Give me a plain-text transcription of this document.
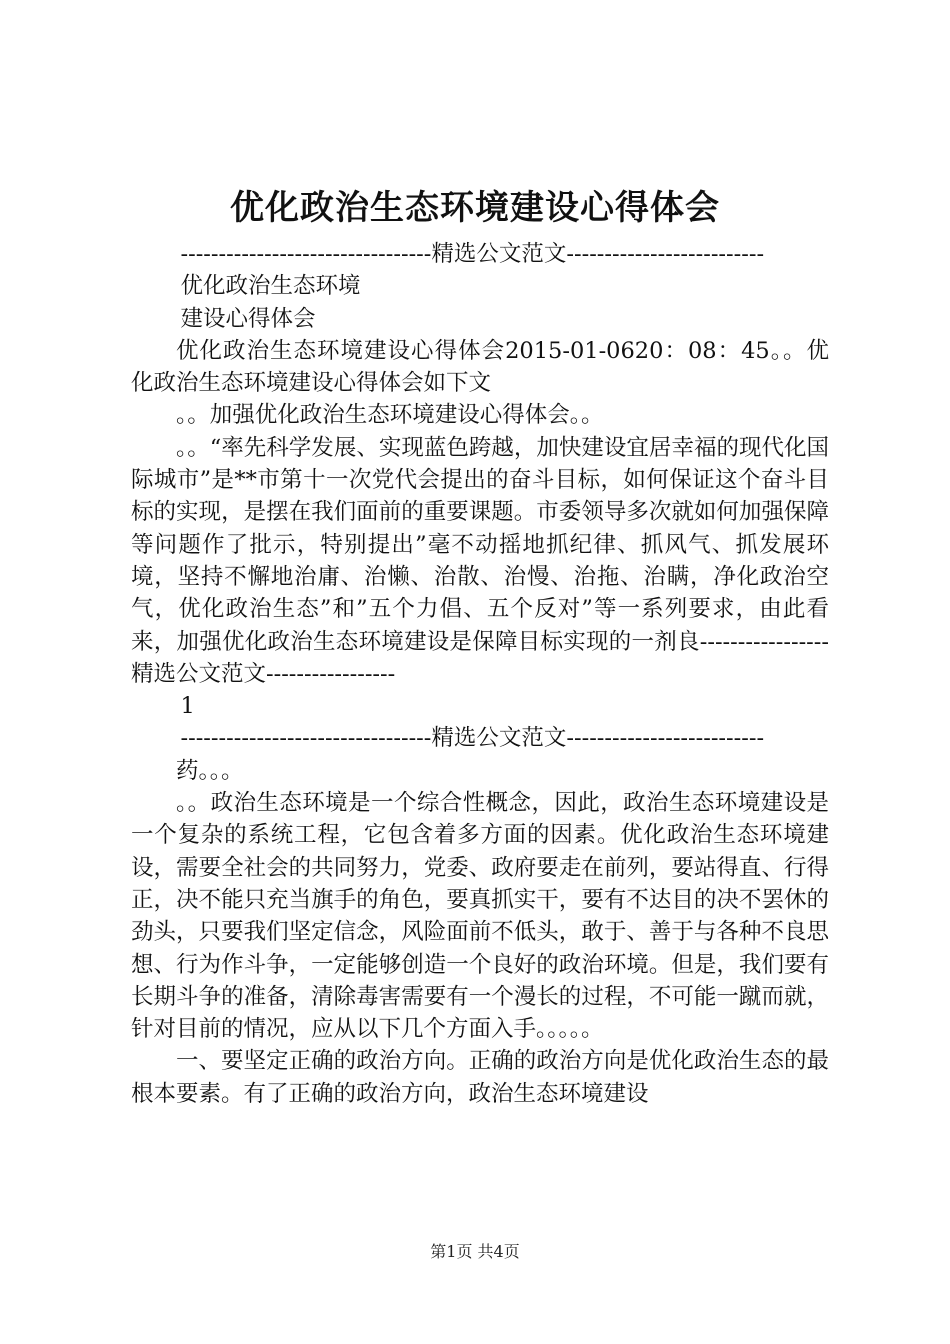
优化政治生态环境建设心得体会

---------------------------------精选公文范文--------------------------

优化政治生态环境

建设心得体会

优化政治生态环境建设心得体会2015-01-0620：08：45。。优化政治生态环境建设心得体会如下文

。。加强优化政治生态环境建设心得体会。。

。。“率先科学发展、实现蓝色跨越，加快建设宜居幸福的现代化国际城市”是**市第十一次党代会提出的奋斗目标，如何保证这个奋斗目标的实现，是摆在我们面前的重要课题。市委领导多次就如何加强保障等问题作了批示，特别提出”毫不动摇地抓纪律、抓风气、抓发展环境，坚持不懈地治庸、治懒、治散、治慢、治拖、治瞒，净化政治空气，优化政治生态”和”五个力倡、五个反对”等一系列要求，由此看来，加强优化政治生态环境建设是保障目标实现的一剂良-----------------精选公文范文-----------------

1

---------------------------------精选公文范文--------------------------

药。。。

。。政治生态环境是一个综合性概念，因此，政治生态环境建设是一个复杂的系统工程，它包含着多方面的因素。优化政治生态环境建设，需要全社会的共同努力，党委、政府要走在前列，要站得直、行得正，决不能只充当旗手的角色，要真抓实干，要有不达目的决不罢休的劲头，只要我们坚定信念，风险面前不低头，敢于、善于与各种不良思想、行为作斗争，一定能够创造一个良好的政治环境。但是，我们要有长期斗争的准备，清除毒害需要有一个漫长的过程，不可能一蹴而就，针对目前的情况，应从以下几个方面入手。。。。。

一、要坚定正确的政治方向。正确的政治方向是优化政治生态的最根本要素。有了正确的政治方向，政治生态环境建设

第1页 共4页
